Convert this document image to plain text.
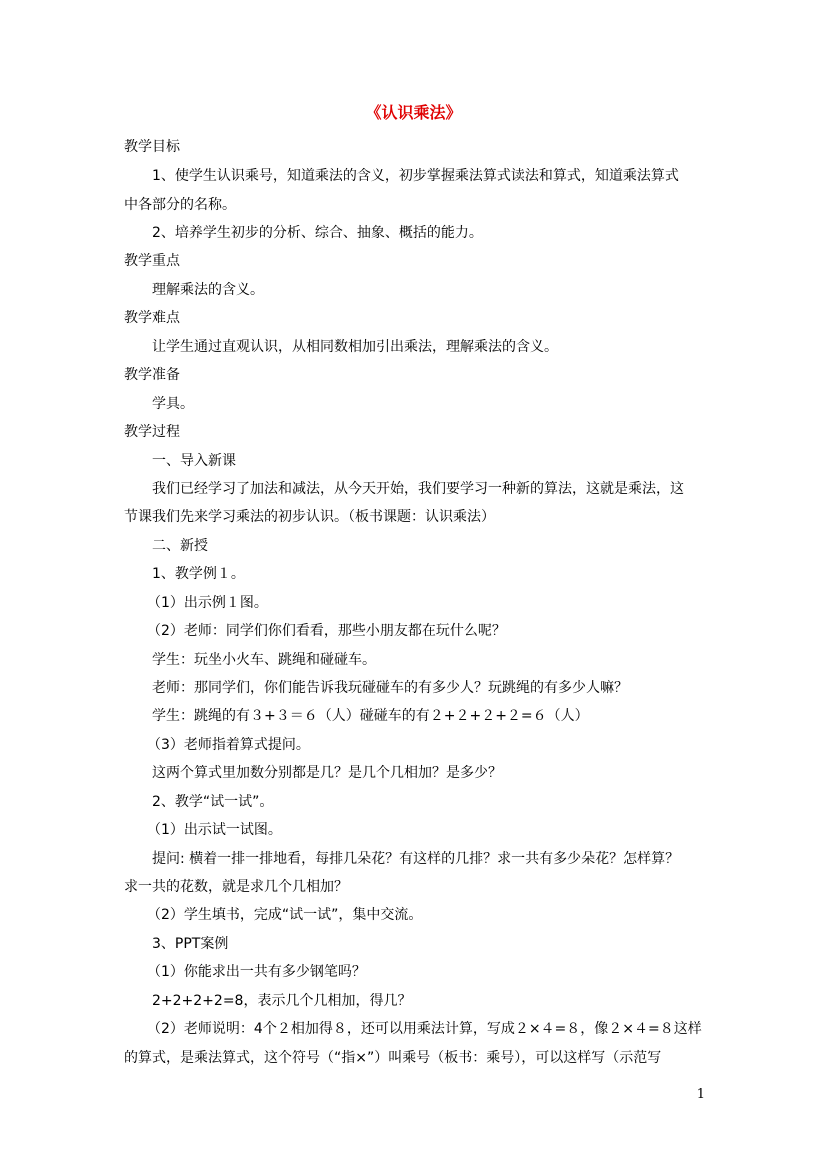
《认识乘法》
教学目标
1、使学生认识乘号，知道乘法的含义，初步掌握乘法算式读法和算式，知道乘法算式
中各部分的名称。
2、培养学生初步的分析、综合、抽象、概括的能力。
教学重点
理解乘法的含义。
教学难点
让学生通过直观认识，从相同数相加引出乘法，理解乘法的含义。
教学准备
学具。
教学过程
一、导入新课
我们已经学习了加法和减法，从今天开始，我们要学习一种新的算法，这就是乘法，这
节课我们先来学习乘法的初步认识。（板书课题：认识乘法）
二、新授
1、教学例１。
（1）出示例１图。
（2）老师：同学们你们看看，那些小朋友都在玩什么呢？
学生：玩坐小火车、跳绳和碰碰车。
老师：那同学们，你们能告诉我玩碰碰车的有多少人？玩跳绳的有多少人嘛？
学生：跳绳的有３+３＝６（人）碰碰车的有２+２+２+２=６（人）
（3）老师指着算式提问。
这两个算式里加数分别都是几？是几个几相加？是多少？
2、教学“试一试”。
（1）出示试一试图。
提问: 横着一排一排地看，每排几朵花？有这样的几排？求一共有多少朵花？怎样算？
求一共的花数，就是求几个几相加？
（2）学生填书，完成“试一试”，集中交流。
3、PPT案例
（1）你能求出一共有多少钢笔吗？
2+2+2+2=8，表示几个几相加，得几？
（2）老师说明：4个２相加得８，还可以用乘法计算，写成２×４=８，像２×４=８这样
的算式，是乘法算式，这个符号（“指×”）叫乘号（板书：乘号），可以这样写（示范写
1
